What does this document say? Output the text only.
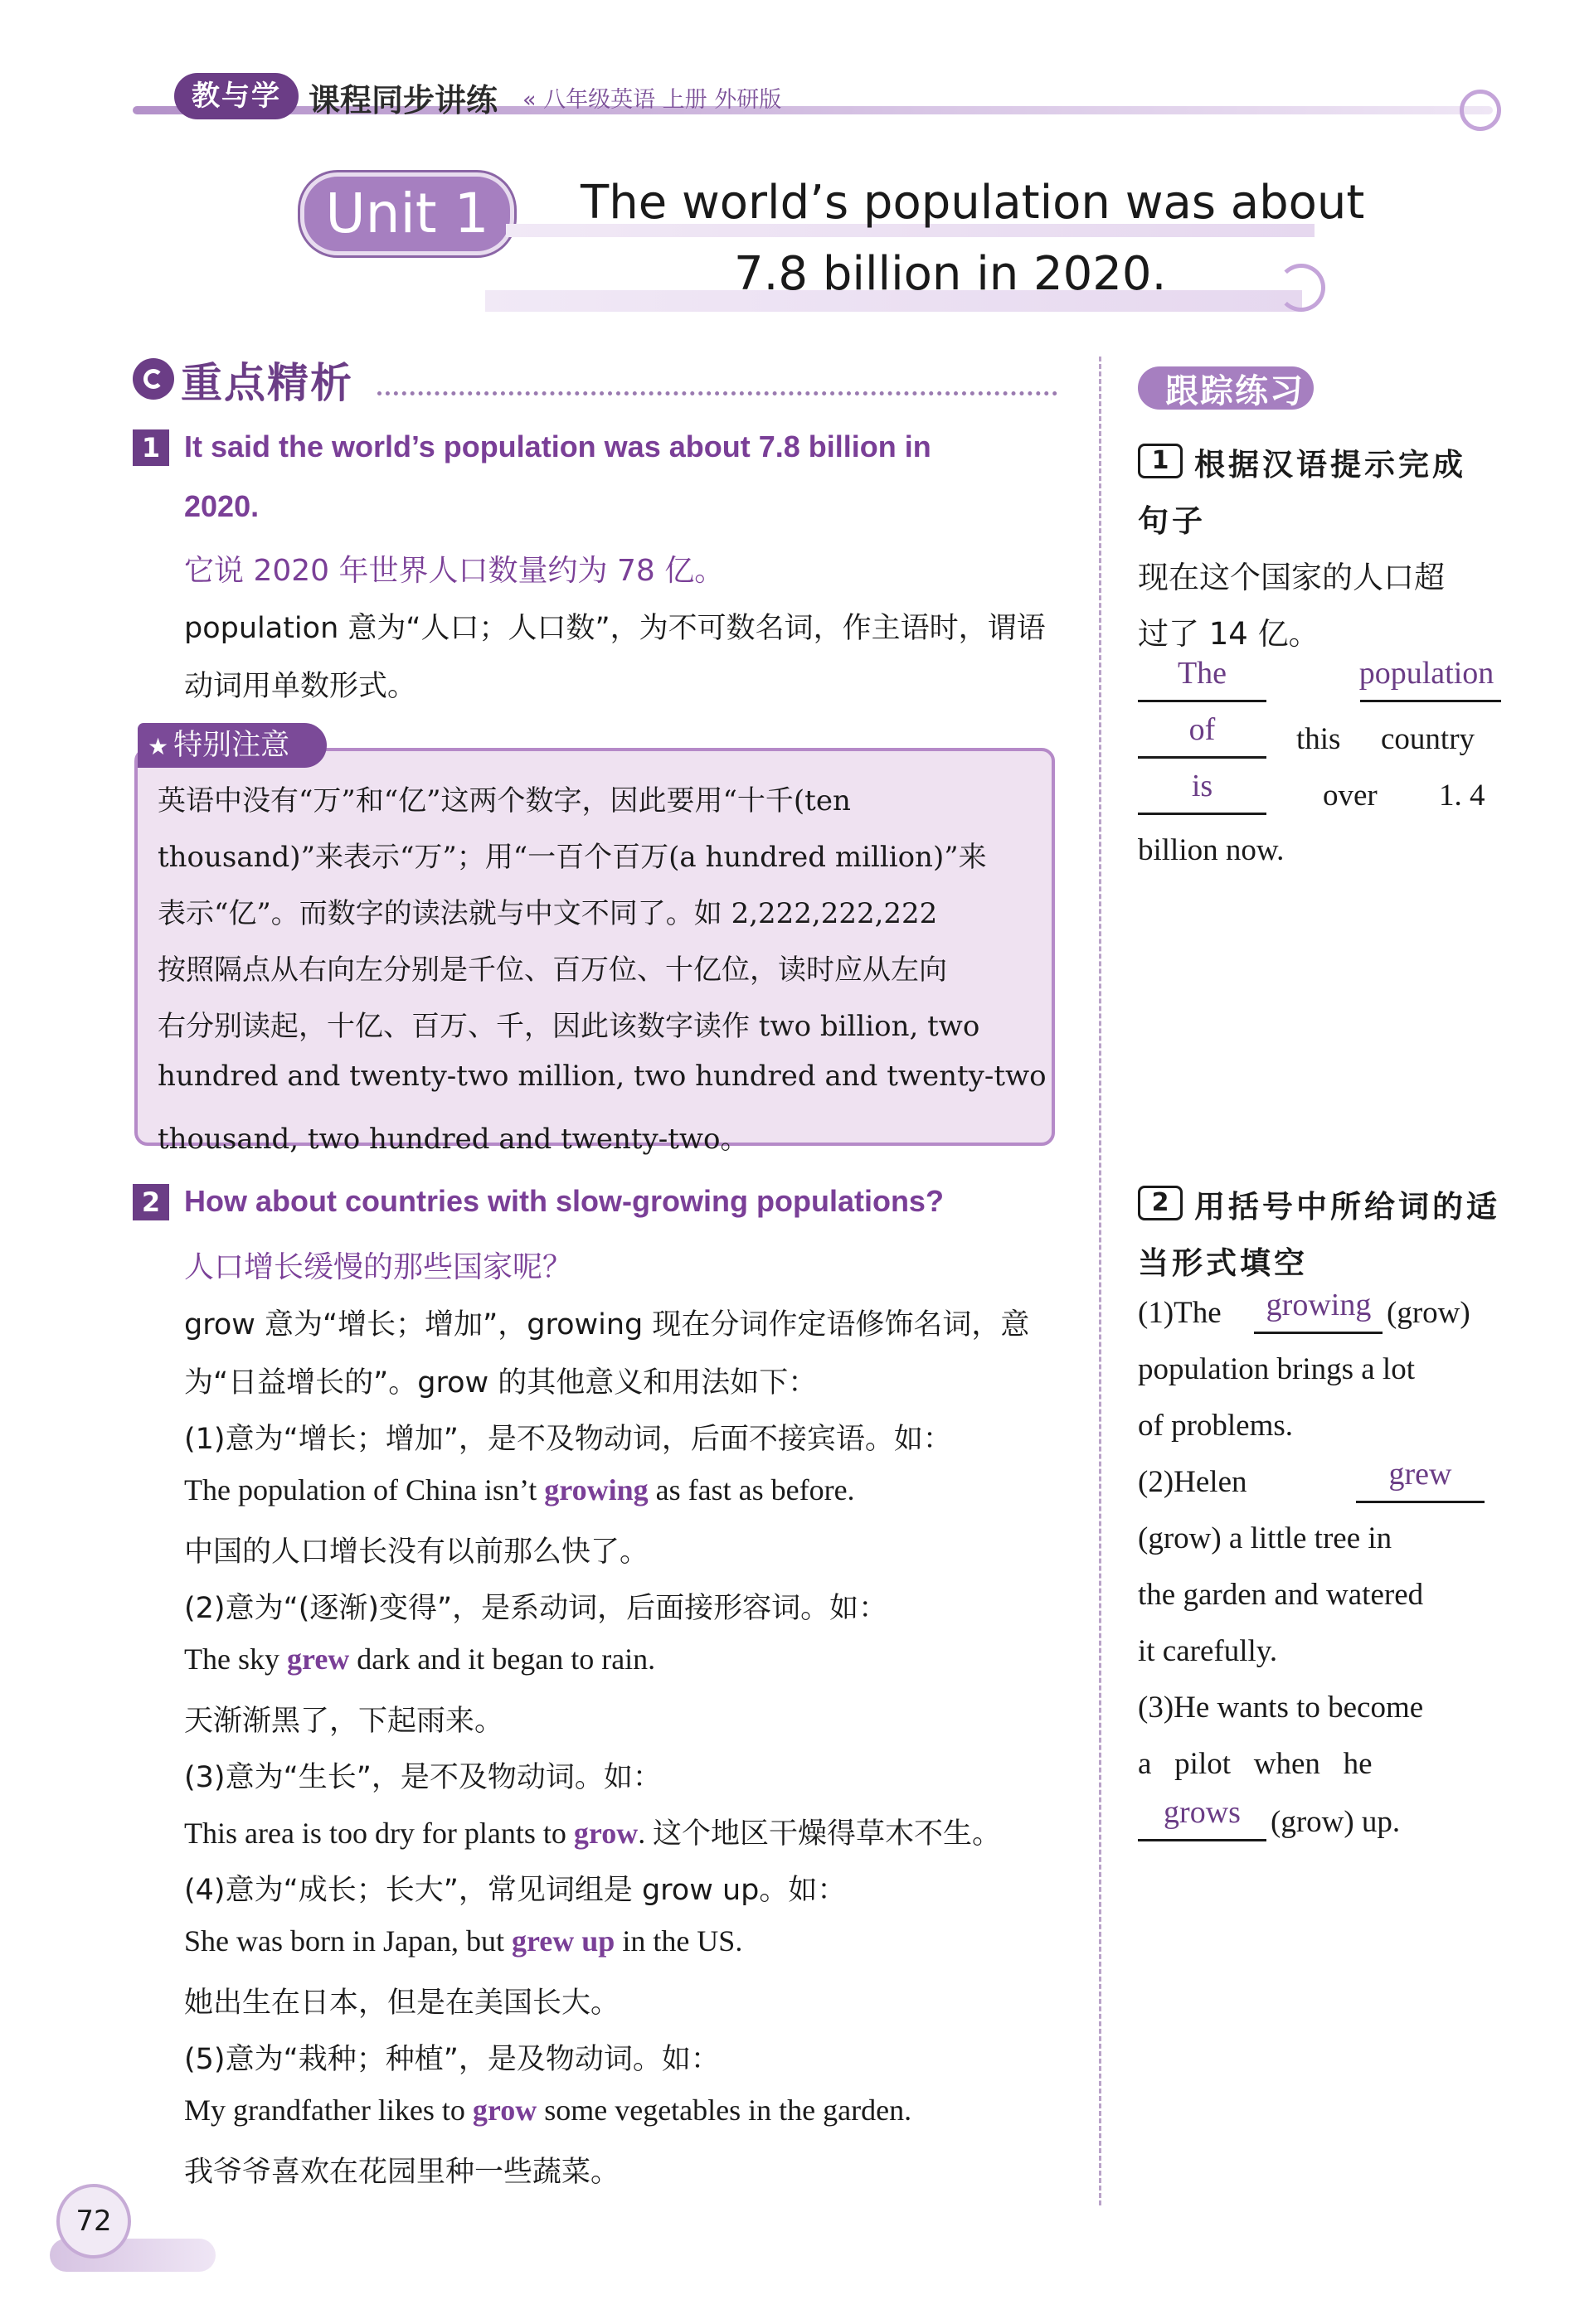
教与学 课程同步讲练 « 八年级英语 上册 外研版
Unit 1	The world’s population was about
7.8 billion in 2020.
重点精析
1 It said the world’s population was about 7.8 billion in
2020.
它说 2020 年世界人口数量约为 78 亿。
population 意为“人口；人口数”，为不可数名词，作主语时，谓语
动词用单数形式。
★ 特别注意
英语中没有“万”和“亿”这两个数字，因此要用“十千(ten
thousand)”来表示“万”；用“一百个百万(a hundred million)”来
表示“亿”。而数字的读法就与中文不同了。如 2,222,222,222
按照隔点从右向左分别是千位、百万位、十亿位，读时应从左向
右分别读起，十亿、百万、千，因此该数字读作 two billion, two
hundred and twenty-two million, two hundred and twenty-two
thousand, two hundred and twenty-two。
2 How about countries with slow-growing populations?
人口增长缓慢的那些国家呢？
grow 意为“增长；增加”，growing 现在分词作定语修饰名词，意
为“日益增长的”。grow 的其他意义和用法如下：
(1)意为“增长；增加”，是不及物动词，后面不接宾语。如：
The population of China isn’t growing as fast as before.
中国的人口增长没有以前那么快了。
(2)意为“(逐渐)变得”，是系动词，后面接形容词。如：
The sky grew dark and it began to rain.
天渐渐黑了，下起雨来。
(3)意为“生长”，是不及物动词。如：
This area is too dry for plants to grow. 这个地区干燥得草木不生。
(4)意为“成长；长大”，常见词组是 grow up。如：
She was born in Japan, but grew up in the US.
她出生在日本，但是在美国长大。
(5)意为“栽种；种植”，是及物动词。如：
My grandfather likes to grow some vegetables in the garden.
我爷爷喜欢在花园里种一些蔬菜。
跟踪练习
1 根据汉语提示完成
句子
现在这个国家的人口超
过了 14 亿。
The	population
of	this country
is	over 1. 4
billion now.
2 用括号中所给词的适
当形式填空
(1)The	growing (grow)
population brings a lot
of problems.
(2)Helen	grew
(grow) a little tree in
the garden and watered
it carefully.
(3)He wants to become
a   pilot   when   he
grows (grow) up.
72
